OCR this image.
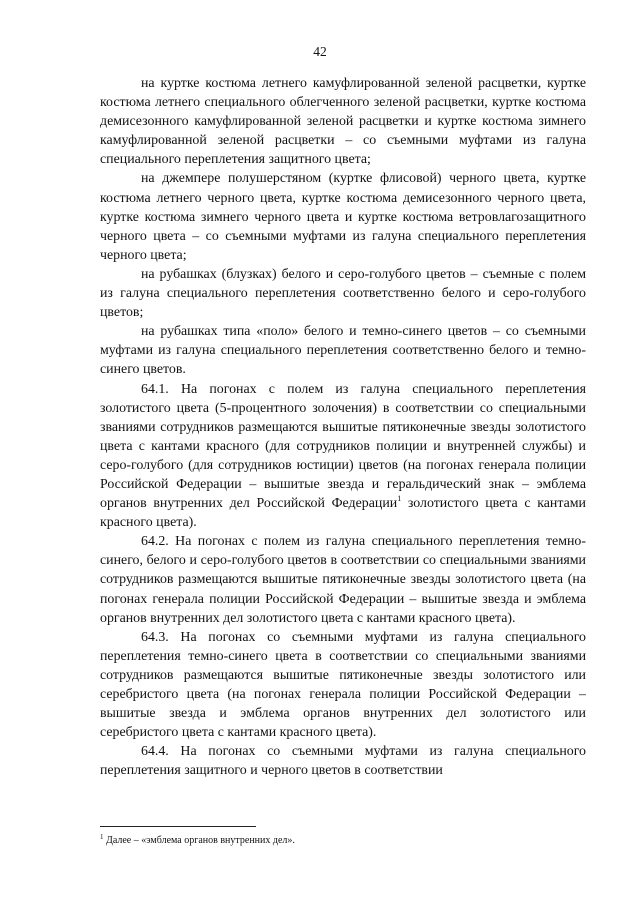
42

на куртке костюма летнего камуфлированной зеленой расцветки, куртке костюма летнего специального облегченного зеленой расцветки, куртке костюма демисезонного камуфлированной зеленой расцветки и куртке костюма зимнего камуфлированной зеленой расцветки – со съемными муфтами из галуна специального переплетения защитного цвета;

на джемпере полушерстяном (куртке флисовой) черного цвета, куртке костюма летнего черного цвета, куртке костюма демисезонного черного цвета, куртке костюма зимнего черного цвета и куртке костюма ветровлагозащитного черного цвета – со съемными муфтами из галуна специального переплетения черного цвета;

на рубашках (блузках) белого и серо-голубого цветов – съемные с полем из галуна специального переплетения соответственно белого и серо-голубого цветов;

на рубашках типа «поло» белого и темно-синего цветов – со съемными муфтами из галуна специального переплетения соответственно белого и темно-синего цветов.

64.1. На погонах с полем из галуна специального переплетения золотистого цвета (5-процентного золочения) в соответствии со специальными званиями сотрудников размещаются вышитые пятиконечные звезды золотистого цвета с кантами красного (для сотрудников полиции и внутренней службы) и серо-голубого (для сотрудников юстиции) цветов (на погонах генерала полиции Российской Федерации – вышитые звезда и геральдический знак – эмблема органов внутренних дел Российской Федерации$^1$ золотистого цвета с кантами красного цвета).

64.2. На погонах с полем из галуна специального переплетения темно-синего, белого и серо-голубого цветов в соответствии со специальными званиями сотрудников размещаются вышитые пятиконечные звезды золотистого цвета (на погонах генерала полиции Российской Федерации – вышитые звезда и эмблема органов внутренних дел золотистого цвета с кантами красного цвета).

64.3. На погонах со съемными муфтами из галуна специального переплетения темно-синего цвета в соответствии со специальными званиями сотрудников размещаются вышитые пятиконечные звезды золотистого или серебристого цвета (на погонах генерала полиции Российской Федерации – вышитые звезда и эмблема органов внутренних дел золотистого или серебристого цвета с кантами красного цвета).

64.4. На погонах со съемными муфтами из галуна специального переплетения защитного и черного цветов в соответствии

$^1$ Далее – «эмблема органов внутренних дел».
